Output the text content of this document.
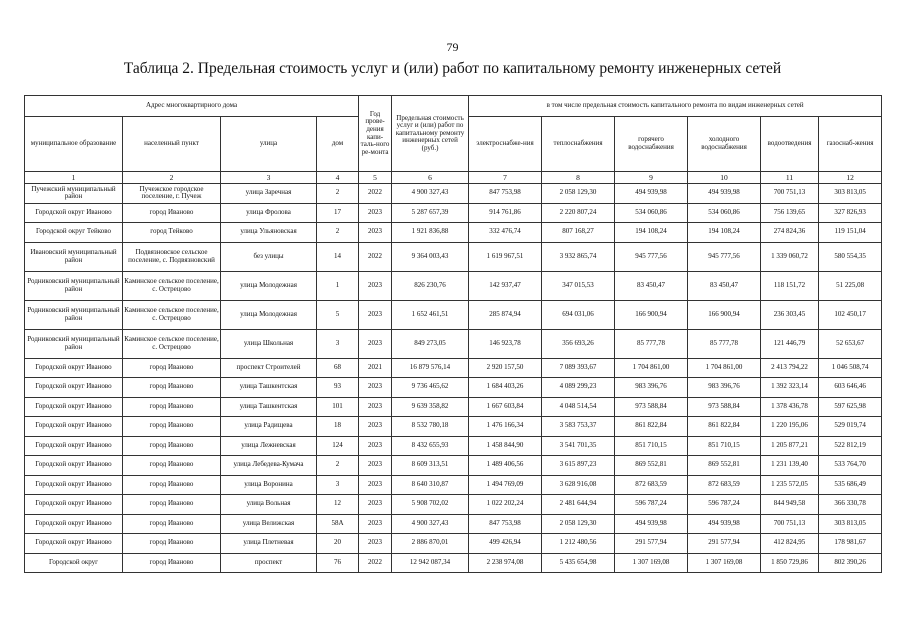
79
Таблица 2. Предельная стоимость услуг и (или) работ по капитальному ремонту инженерных сетей
Адрес многоквартирного дома				Год прове-дения капи-таль-ного ре-монта	Предельная стоимость услуг и (или) работ по капитальному ремонту инженерных сетей (руб.)	в том числе предельная стоимость капитального ремонта по видам инженерных сетей					
муниципальное образование	населенный пункт	улица	дом			электроснабже-ния	теплоснабжения	горячего водоснабжения	холодного водоснабжения	водоотведения	газоснаб-жения
1	2	3	4	5	6	7	8	9	10	11	12
Пучежский муниципальный район	Пучежское городское поселение, г. Пучеж	улица Заречная	2	2022	4 900 327,43	847 753,98	2 058 129,30	494 939,98	494 939,98	700 751,13	303 813,05
Городской округ Иваново	город Иваново	улица Фролова	17	2023	5 287 657,39	914 761,86	2 220 807,24	534 060,86	534 060,86	756 139,65	327 826,93
Городской округ Тейково	город Тейково	улица Ульяновская	2	2023	1 921 836,88	332 476,74	807 168,27	194 108,24	194 108,24	274 824,36	119 151,04
Ивановский муниципальный район	Подвязновское сельское поселение, с. Подвязновский	без улицы	14	2022	9 364 003,43	1 619 967,51	3 932 865,74	945 777,56	945 777,56	1 339 060,72	580 554,35
Родниковский муниципальный район	Каминское сельское поселение, с. Острецово	улица Молодежная	1	2023	826 230,76	142 937,47	347 015,53	83 450,47	83 450,47	118 151,72	51 225,08
Родниковский муниципальный район	Каминское сельское поселение, с. Острецово	улица Молодежная	5	2023	1 652 461,51	285 874,94	694 031,06	166 900,94	166 900,94	236 303,45	102 450,17
Родниковский муниципальный район	Каминское сельское поселение, с. Острецово	улица Школьная	3	2023	849 273,05	146 923,78	356 693,26	85 777,78	85 777,78	121 446,79	52 653,67
Городской округ Иваново	город Иваново	проспект Строителей	68	2021	16 879 576,14	2 920 157,50	7 089 393,67	1 704 861,00	1 704 861,00	2 413 794,22	1 046 508,74
Городской округ Иваново	город Иваново	улица Ташкентская	93	2023	9 736 465,62	1 684 403,26	4 089 299,23	983 396,76	983 396,76	1 392 323,14	603 646,46
Городской округ Иваново	город Иваново	улица Ташкентская	101	2023	9 639 358,82	1 667 603,84	4 048 514,54	973 588,84	973 588,84	1 378 436,78	597 625,98
Городской округ Иваново	город Иваново	улица Радищева	18	2023	8 532 780,18	1 476 166,34	3 583 753,37	861 822,84	861 822,84	1 220 195,06	529 019,74
Городской округ Иваново	город Иваново	улица Лежневская	124	2023	8 432 655,93	1 458 844,90	3 541 701,35	851 710,15	851 710,15	1 205 877,21	522 812,19
Городской округ Иваново	город Иваново	улица Лебедева-Кумача	2	2023	8 609 313,51	1 489 406,56	3 615 897,23	869 552,81	869 552,81	1 231 139,40	533 764,70
Городской округ Иваново	город Иваново	улица Воронина	3	2023	8 640 310,87	1 494 769,09	3 628 916,08	872 683,59	872 683,59	1 235 572,05	535 686,49
Городской округ Иваново	город Иваново	улица Вольная	12	2023	5 908 702,02	1 022 202,24	2 481 644,94	596 787,24	596 787,24	844 949,58	366 330,78
Городской округ Иваново	город Иваново	улица Велижская	58А	2023	4 900 327,43	847 753,98	2 058 129,30	494 939,98	494 939,98	700 751,13	303 813,05
Городской округ Иваново	город Иваново	улица Плетневая	20	2023	2 886 870,01	499 426,94	1 212 480,56	291 577,94	291 577,94	412 824,95	178 981,67
Городской округ	город Иваново	проспект	76	2022	12 942 087,34	2 238 974,08	5 435 654,98	1 307 169,08	1 307 169,08	1 850 729,86	802 390,26
